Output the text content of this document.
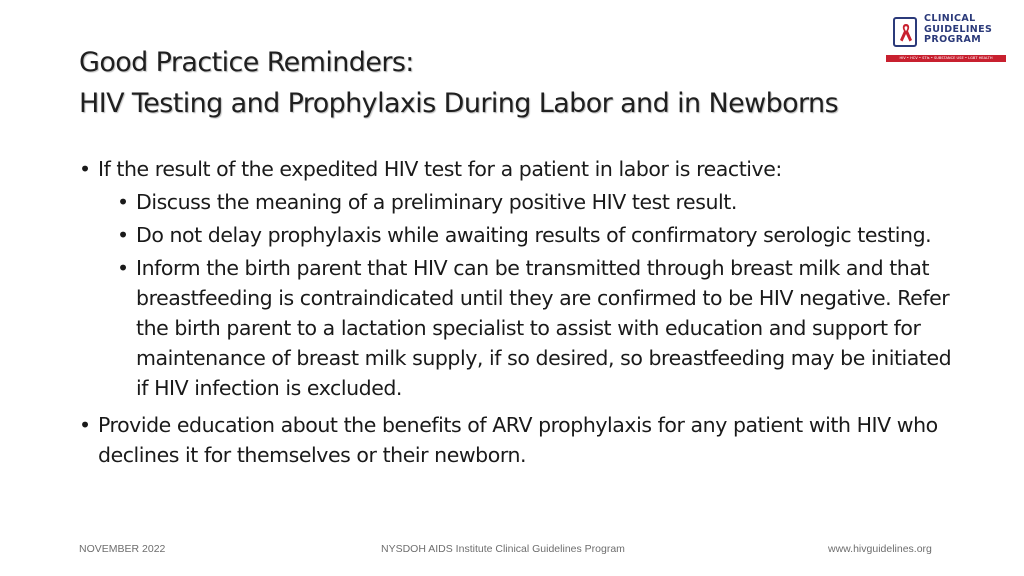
Good Practice Reminders:
HIV Testing and Prophylaxis During Labor and in Newborns
CLINICAL
GUIDELINES
PROGRAM
HIV • HCV • STIs • SUBSTANCE USE • LGBT HEALTH
• If the result of the expedited HIV test for a patient in labor is reactive:
• Discuss the meaning of a preliminary positive HIV test result.
• Do not delay prophylaxis while awaiting results of confirmatory serologic testing.
• Inform the birth parent that HIV can be transmitted through breast milk and that breastfeeding is contraindicated until they are confirmed to be HIV negative. Refer the birth parent to a lactation specialist to assist with education and support for maintenance of breast milk supply, if so desired, so breastfeeding may be initiated if HIV infection is excluded.
• Provide education about the benefits of ARV prophylaxis for any patient with HIV who declines it for themselves or their newborn.
NOVEMBER 2022	NYSDOH AIDS Institute Clinical Guidelines Program	www.hivguidelines.org
